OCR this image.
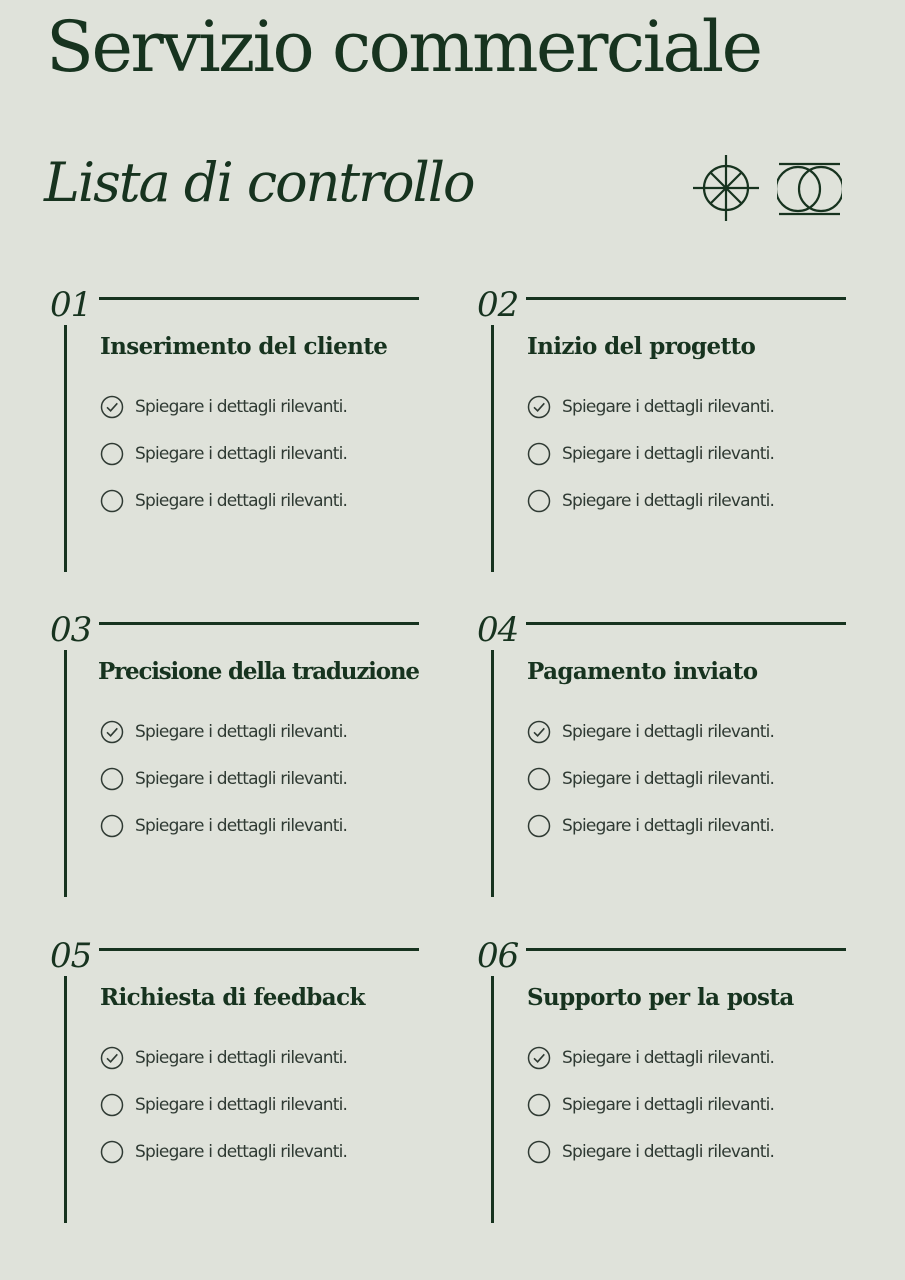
Servizio commerciale
Lista di controllo
01
Inserimento del cliente
Spiegare i dettagli rilevanti.
Spiegare i dettagli rilevanti.
Spiegare i dettagli rilevanti.
02
Inizio del progetto
Spiegare i dettagli rilevanti.
Spiegare i dettagli rilevanti.
Spiegare i dettagli rilevanti.
03
Precisione della traduzione
Spiegare i dettagli rilevanti.
Spiegare i dettagli rilevanti.
Spiegare i dettagli rilevanti.
04
Pagamento inviato
Spiegare i dettagli rilevanti.
Spiegare i dettagli rilevanti.
Spiegare i dettagli rilevanti.
05
Richiesta di feedback
Spiegare i dettagli rilevanti.
Spiegare i dettagli rilevanti.
Spiegare i dettagli rilevanti.
06
Supporto per la posta
Spiegare i dettagli rilevanti.
Spiegare i dettagli rilevanti.
Spiegare i dettagli rilevanti.
